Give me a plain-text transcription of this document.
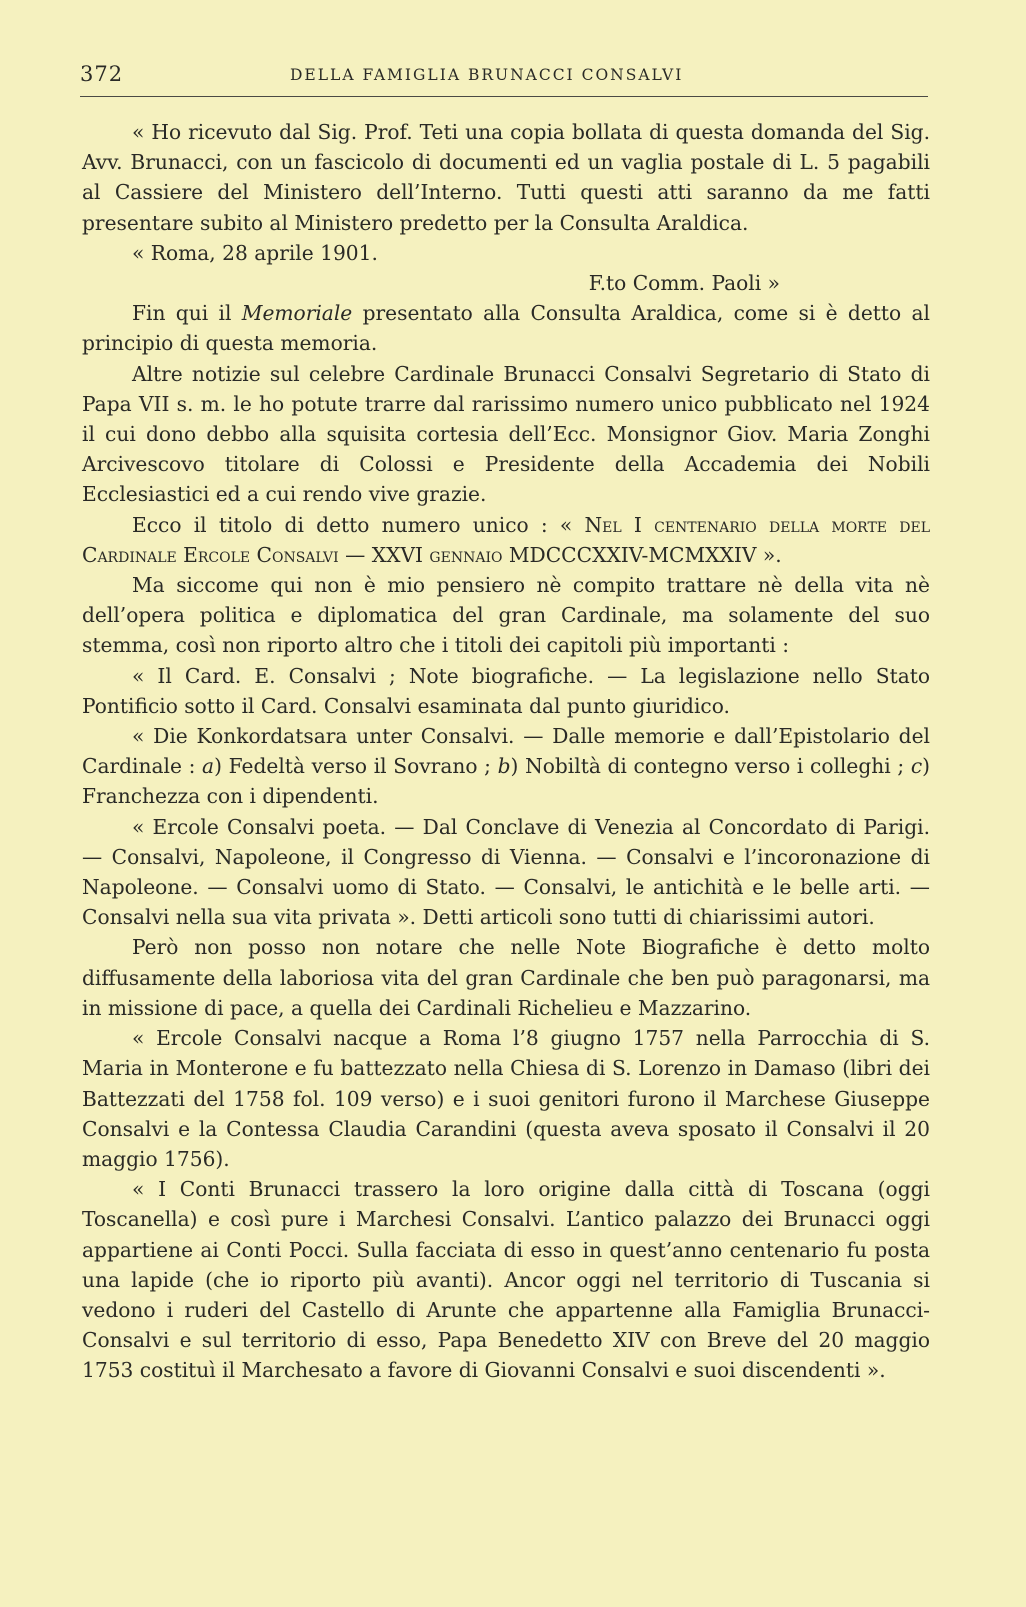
372	DELLA FAMIGLIA BRUNACCI CONSALVI

« Ho ricevuto dal Sig. Prof. Teti una copia bollata di questa domanda del Sig. Avv. Brunacci, con un fascicolo di documenti ed un vaglia postale di L. 5 pagabili al Cassiere del Ministero dell’Interno. Tutti questi atti saranno da me fatti presentare subito al Ministero predetto per la Consulta Araldica.

« Roma, 28 aprile 1901.

F.to Comm. Paoli »

Fin qui il Memoriale presentato alla Consulta Araldica, come si è detto al principio di questa memoria.

Altre notizie sul celebre Cardinale Brunacci Consalvi Segretario di Stato di Papa VII s. m. le ho potute trarre dal rarissimo numero unico pubblicato nel 1924 il cui dono debbo alla squisita cortesia dell’Ecc. Monsignor Giov. Maria Zonghi Arcivescovo titolare di Colossi e Presidente della Accademia dei Nobili Ecclesiastici ed a cui rendo vive grazie.

Ecco il titolo di detto numero unico : « Nel I centenario della morte del Cardinale Ercole Consalvi — XXVI gennaio MDCCCXXIV-MCMXXIV ».

Ma siccome qui non è mio pensiero nè compito trattare nè della vita nè dell’opera politica e diplomatica del gran Cardinale, ma solamente del suo stemma, così non riporto altro che i titoli dei capitoli più importanti :

« Il Card. E. Consalvi ; Note biografiche. — La legislazione nello Stato Pontificio sotto il Card. Consalvi esaminata dal punto giuridico.

« Die Konkordatsara unter Consalvi. — Dalle memorie e dall’Epistolario del Cardinale : a) Fedeltà verso il Sovrano ; b) Nobiltà di contegno verso i colleghi ; c) Franchezza con i dipendenti.

« Ercole Consalvi poeta. — Dal Conclave di Venezia al Concordato di Parigi. — Consalvi, Napoleone, il Congresso di Vienna. — Consalvi e l’incoronazione di Napoleone. — Consalvi uomo di Stato. — Consalvi, le antichità e le belle arti. — Consalvi nella sua vita privata ». Detti articoli sono tutti di chiarissimi autori.

Però non posso non notare che nelle Note Biografiche è detto molto diffusamente della laboriosa vita del gran Cardinale che ben può paragonarsi, ma in missione di pace, a quella dei Cardinali Richelieu e Mazzarino.

« Ercole Consalvi nacque a Roma l’8 giugno 1757 nella Parrocchia di S. Maria in Monterone e fu battezzato nella Chiesa di S. Lorenzo in Damaso (libri dei Battezzati del 1758 fol. 109 verso) e i suoi genitori furono il Marchese Giuseppe Consalvi e la Contessa Claudia Carandini (questa aveva sposato il Consalvi il 20 maggio 1756).

« I Conti Brunacci trassero la loro origine dalla città di Toscana (oggi Toscanella) e così pure i Marchesi Consalvi. L’antico palazzo dei Brunacci oggi appartiene ai Conti Pocci. Sulla facciata di esso in quest’anno centenario fu posta una lapide (che io riporto più avanti). Ancor oggi nel territorio di Tuscania si vedono i ruderi del Castello di Arunte che appartenne alla Famiglia Brunacci-Consalvi e sul territorio di esso, Papa Benedetto XIV con Breve del 20 maggio 1753 costituì il Marchesato a favore di Giovanni Consalvi e suoi discendenti ».
